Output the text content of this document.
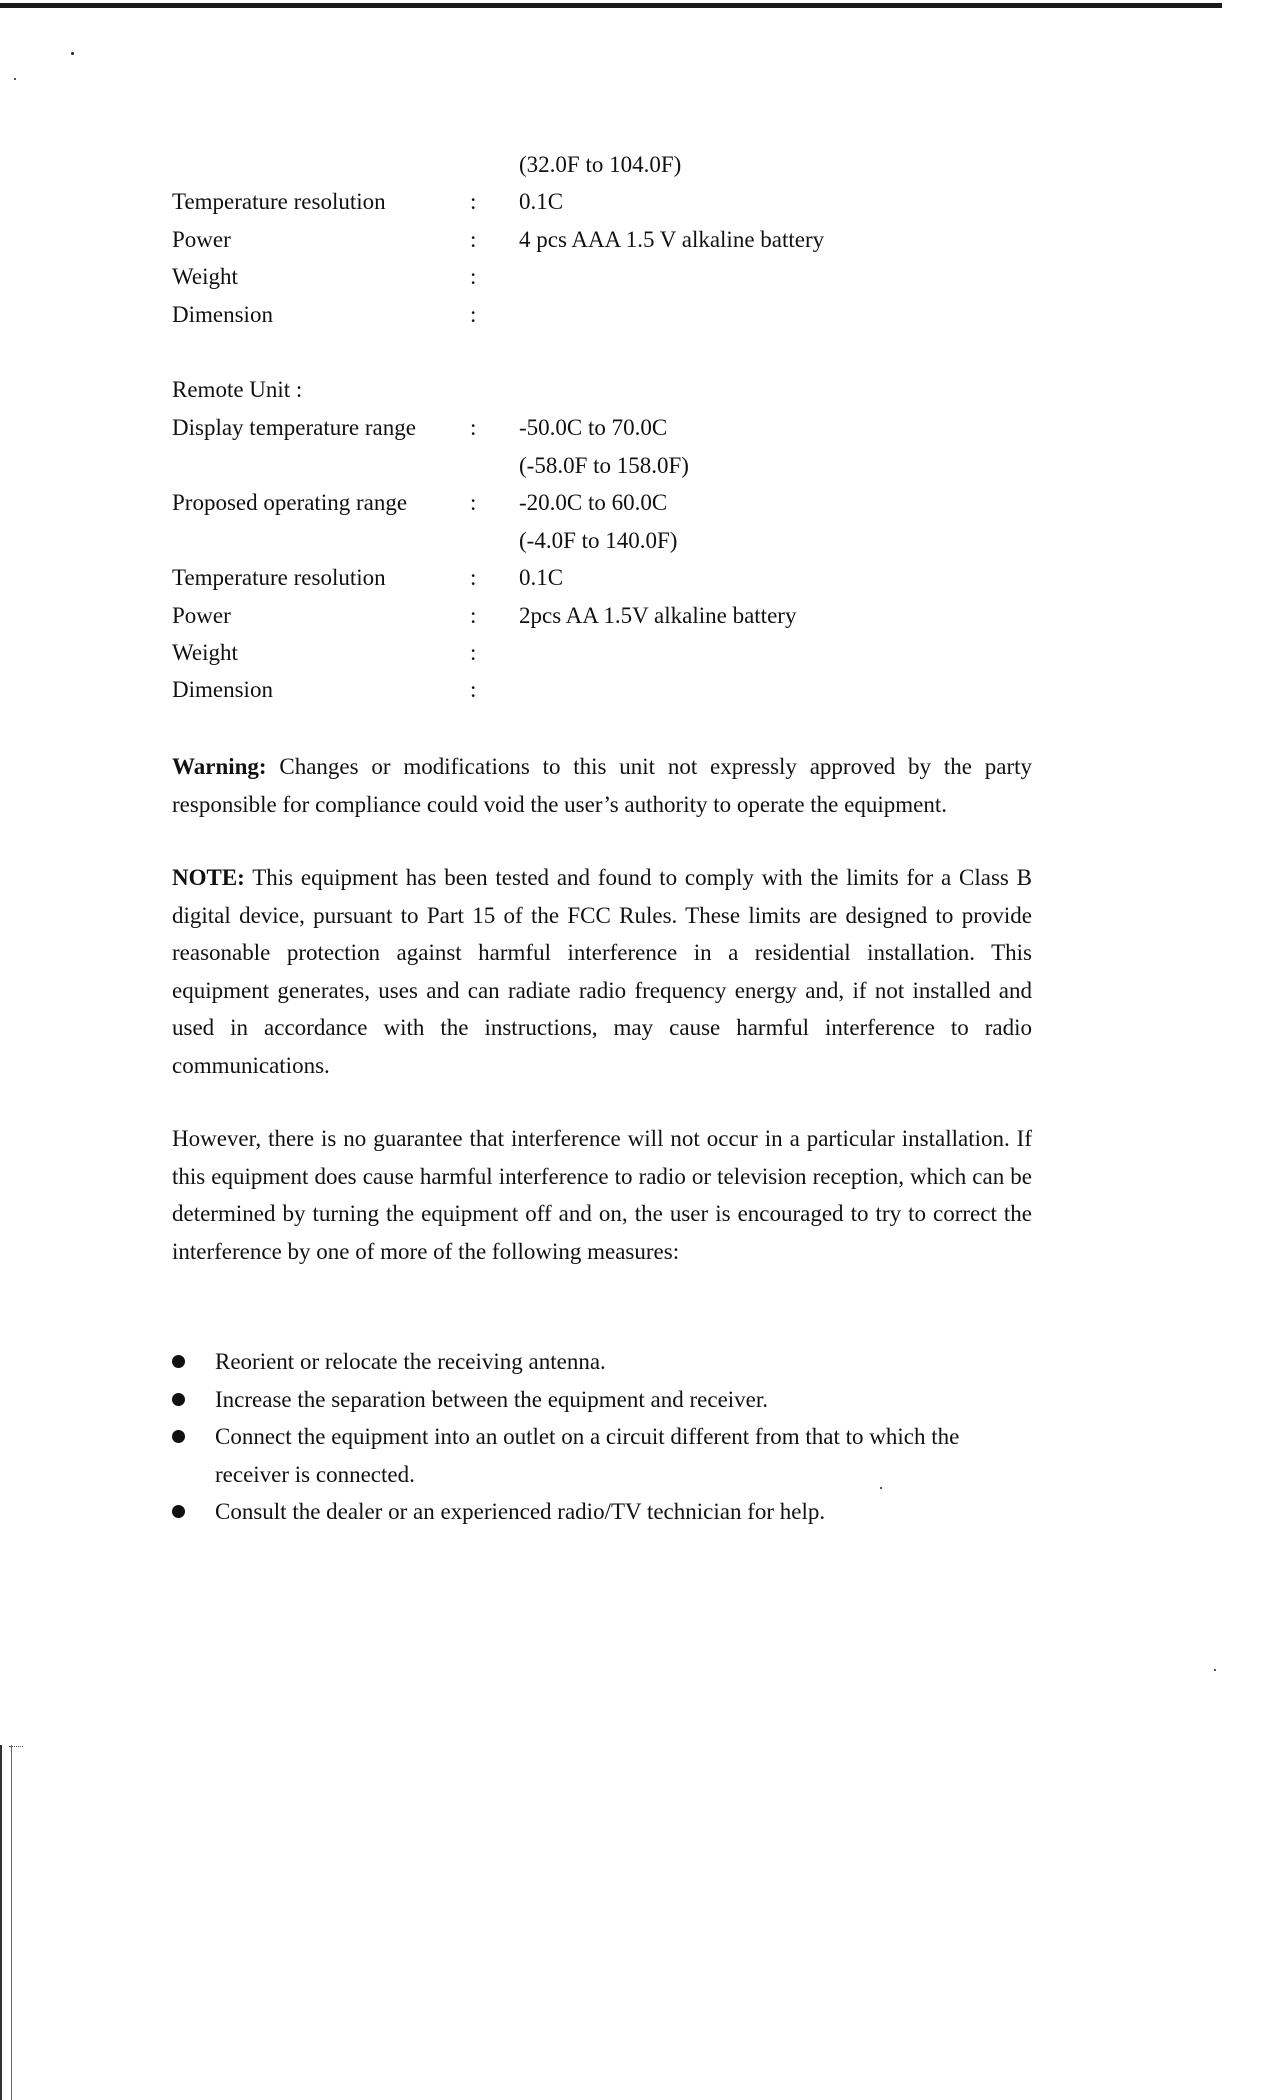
(32.0F to 104.0F)
Temperature resolution	: 0.1C
Power	: 4 pcs AAA 1.5 V alkaline battery
Weight	:
Dimension	:
Remote Unit :
Display temperature range : -50.0C to 70.0C
(-58.0F to 158.0F)
Proposed operating range	: -20.0C to 60.0C
(-4.0F to 140.0F)
Temperature resolution	: 0.1C
Power	: 2pcs AA 1.5V alkaline battery
Weight	:
Dimension	:

Warning: Changes or modifications to this unit not expressly approved by the party responsible for compliance could void the user’s authority to operate the equipment.

NOTE: This equipment has been tested and found to comply with the limits for a Class B digital device, pursuant to Part 15 of the FCC Rules. These limits are designed to provide reasonable protection against harmful interference in a residential installation. This equipment generates, uses and can radiate radio frequency energy and, if not installed and used in accordance with the instructions, may cause harmful interference to radio communications.

However, there is no guarantee that interference will not occur in a particular installation. If this equipment does cause harmful interference to radio or television reception, which can be determined by turning the equipment off and on, the user is encouraged to try to correct the interference by one of more of the following measures:

Reorient or relocate the receiving antenna.
Increase the separation between the equipment and receiver.
Connect the equipment into an outlet on a circuit different from that to which the receiver is connected.
Consult the dealer or an experienced radio/TV technician for help.
